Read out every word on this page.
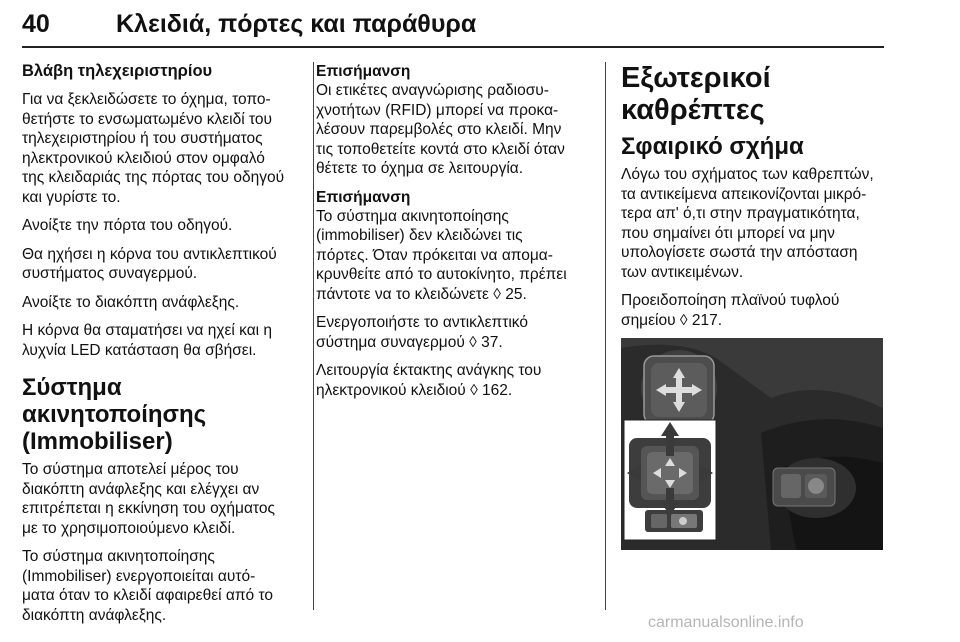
40	Κλειδιά, πόρτες και παράθυρα
Βλάβη τηλεχειριστηρίου
Για να ξεκλειδώσετε το όχημα, τοπο‐
θετήστε το ενσωματωμένο κλειδί του
τηλεχειριστηρίου ή του συστήματος
ηλεκτρονικού κλειδιού στον ομφαλό
της κλειδαριάς της πόρτας του οδηγού
και γυρίστε το.
Ανοίξτε την πόρτα του οδηγού.
Θα ηχήσει η κόρνα του αντικλεπτικού
συστήματος συναγερμού.
Ανοίξτε το διακόπτη ανάφλεξης.
Η κόρνα θα σταματήσει να ηχεί και η
λυχνία LED κατάσταση θα σβήσει.
Σύστημα ακινητοποίησης
(Immobiliser)
Το σύστημα αποτελεί μέρος του
διακόπτη ανάφλεξης και ελέγχει αν
επιτρέπεται η εκκίνηση του οχήματος
με το χρησιμοποιούμενο κλειδί.
Το σύστημα ακινητοποίησης
(Immobiliser) ενεργοποιείται αυτό‐
ματα όταν το κλειδί αφαιρεθεί από το
διακόπτη ανάφλεξης.
Επισήμανση
Οι ετικέτες αναγνώρισης ραδιοσυ‐
χνοτήτων (RFID) μπορεί να προκα‐
λέσουν παρεμβολές στο κλειδί. Μην
τις τοποθετείτε κοντά στο κλειδί όταν
θέτετε το όχημα σε λειτουργία.
Επισήμανση
Το σύστημα ακινητοποίησης
(immobiliser) δεν κλειδώνει τις
πόρτες. Όταν πρόκειται να απομα‐
κρυνθείτε από το αυτοκίνητο, πρέπει
πάντοτε να το κλειδώνετε ◊ 25.
Ενεργοποιήστε το αντικλεπτικό
σύστημα συναγερμού ◊ 37.
Λειτουργία έκτακτης ανάγκης του
ηλεκτρονικού κλειδιού ◊ 162.
Εξωτερικοί καθρέπτες
Σφαιρικό σχήμα
Λόγω του σχήματος των καθρεπτών,
τα αντικείμενα απεικονίζονται μικρό‐
τερα απ' ό,τι στην πραγματικότητα,
που σημαίνει ότι μπορεί να μην
υπολογίσετε σωστά την απόσταση
των αντικειμένων.
Προειδοποίηση πλαϊνού τυφλού
σημείου ◊ 217.
carmanualsonline.info
